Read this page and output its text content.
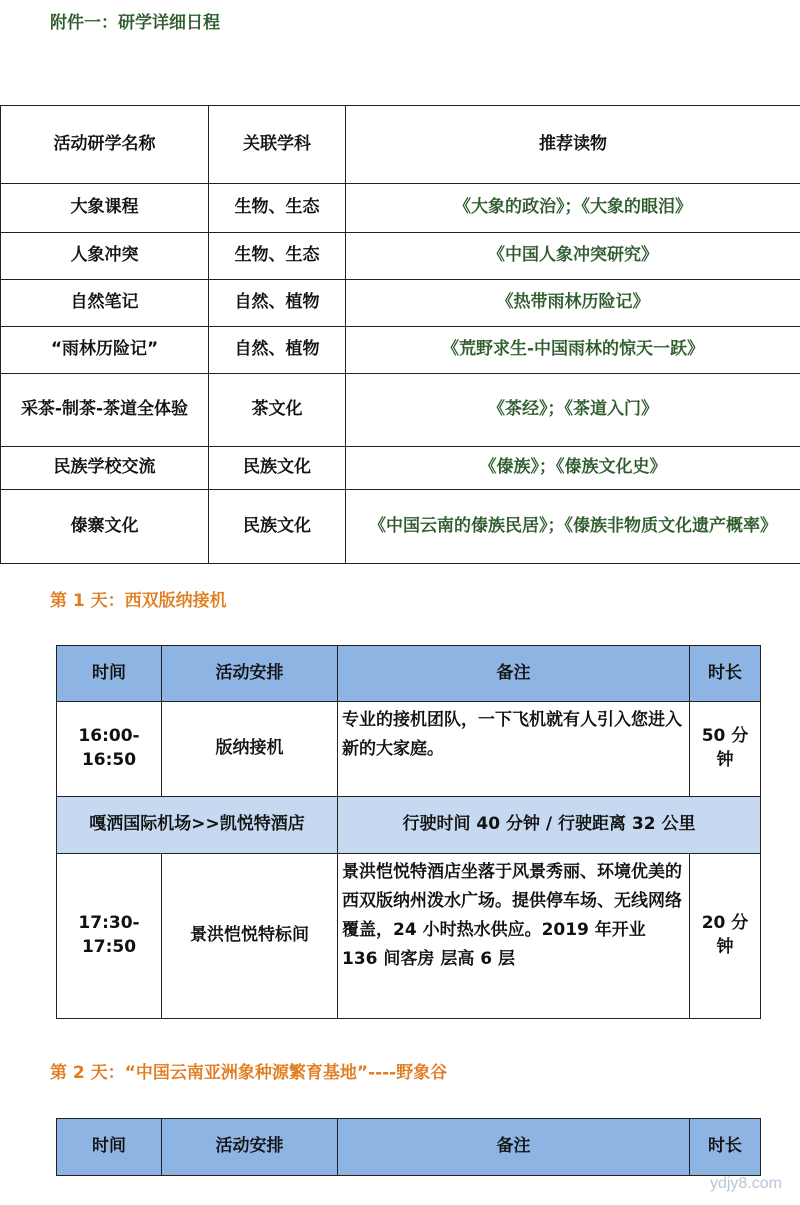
附件一：研学详细日程
活动研学名称	关联学科	推荐读物
大象课程	生物、生态	《大象的政治》；《大象的眼泪》
人象冲突	生物、生态	《中国人象冲突研究》
自然笔记	自然、植物	《热带雨林历险记》
“雨林历险记”	自然、植物	《荒野求生-中国雨林的惊天一跃》
采茶-制茶-茶道全体验	茶文化	《茶经》；《茶道入门》
民族学校交流	民族文化	《傣族》；《傣族文化史》
傣寨文化	民族文化	《中国云南的傣族民居》；《傣族非物质文化遗产概率》
第 1 天：西双版纳接机
时间	活动安排	备注	时长
16:00-16:50	版纳接机	专业的接机团队，一下飞机就有人引入您进入新的大家庭。	50 分钟
嘎洒国际机场>>凯悦特酒店		行驶时间 40 分钟 / 行驶距离 32 公里	
17:30-17:50	景洪恺悦特标间	景洪恺悦特酒店坐落于风景秀丽、环境优美的西双版纳州泼水广场。提供停车场、无线网络覆盖，24 小时热水供应。2019 年开业 136 间客房 层高 6 层	20 分钟
第 2 天：“中国云南亚洲象种源繁育基地”----野象谷
时间	活动安排	备注	时长
ydjy8.com
